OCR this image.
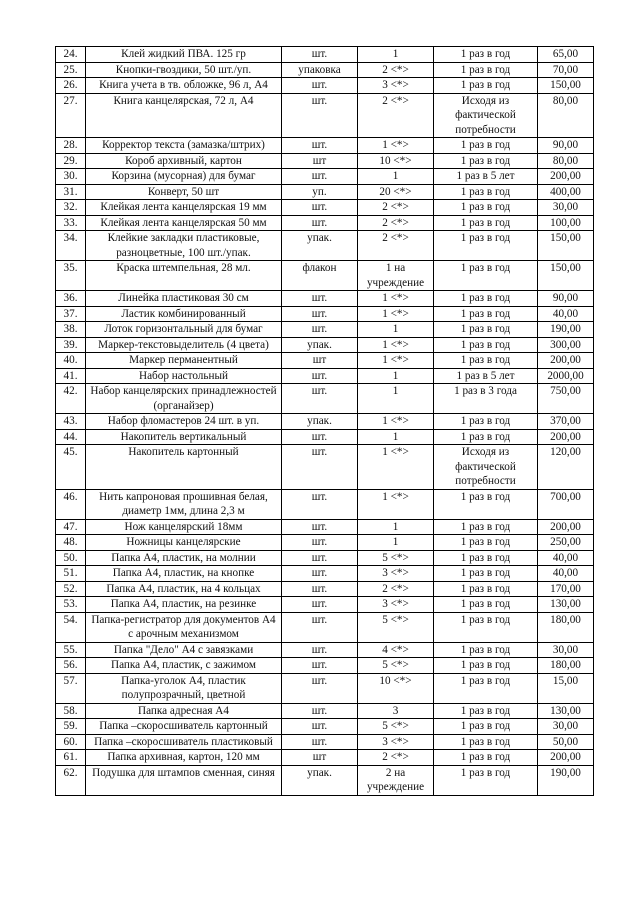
24.	Клей жидкий ПВА. 125 гр	шт.	1	1 раз в год	65,00
25.	Кнопки-гвоздики, 50 шт./уп.	упаковка	2 <*>	1 раз в год	70,00
26.	Книга учета в тв. обложке, 96 л, А4	шт.	3 <*>	1 раз в год	150,00
27.	Книга канцелярская, 72 л, А4	шт.	2 <*>	Исходя из фактической потребности	80,00
28.	Корректор текста (замазка/штрих)	шт.	1 <*>	1 раз в год	90,00
29.	Короб архивный, картон	шт	10 <*>	1 раз в год	80,00
30.	Корзина (мусорная) для бумаг	шт.	1	1 раз в 5 лет	200,00
31.	Конверт, 50 шт	уп.	20 <*>	1 раз в год	400,00
32.	Клейкая лента канцелярская 19 мм	шт.	2 <*>	1 раз в год	30,00
33.	Клейкая лента канцелярская 50 мм	шт.	2 <*>	1 раз в год	100,00
34.	Клейкие закладки пластиковые, разноцветные, 100 шт./упак.	упак.	2 <*>	1 раз в год	150,00
35.	Краска штемпельная, 28 мл.	флакон	1 на учреждение	1 раз в год	150,00
36.	Линейка пластиковая 30 см	шт.	1 <*>	1 раз в год	90,00
37.	Ластик комбинированный	шт.	1 <*>	1 раз в год	40,00
38.	Лоток горизонтальный для бумаг	шт.	1	1 раз в год	190,00
39.	Маркер-текстовыделитель (4 цвета)	упак.	1 <*>	1 раз в год	300,00
40.	Маркер перманентный	шт	1 <*>	1 раз в год	200,00
41.	Набор настольный	шт.	1	1 раз в 5 лет	2000,00
42.	Набор канцелярских принадлежностей (органайзер)	шт.	1	1 раз в 3 года	750,00
43.	Набор фломастеров 24 шт. в уп.	упак.	1 <*>	1 раз в год	370,00
44.	Накопитель вертикальный	шт.	1	1 раз в год	200,00
45.	Накопитель картонный	шт.	1 <*>	Исходя из фактической потребности	120,00
46.	Нить капроновая прошивная белая, диаметр 1мм, длина 2,3 м	шт.	1 <*>	1 раз в год	700,00
47.	Нож канцелярский 18мм	шт.	1	1 раз в год	200,00
48.	Ножницы канцелярские	шт.	1	1 раз в год	250,00
50.	Папка А4, пластик, на молнии	шт.	5 <*>	1 раз в год	40,00
51.	Папка А4, пластик, на кнопке	шт.	3 <*>	1 раз в год	40,00
52.	Папка А4, пластик, на 4 кольцах	шт.	2 <*>	1 раз в год	170,00
53.	Папка А4, пластик, на резинке	шт.	3 <*>	1 раз в год	130,00
54.	Папка-регистратор для документов А4 с арочным механизмом	шт.	5 <*>	1 раз в год	180,00
55.	Папка "Дело" А4 с завязками	шт.	4 <*>	1 раз в год	30,00
56.	Папка А4, пластик, с зажимом	шт.	5 <*>	1 раз в год	180,00
57.	Папка-уголок А4, пластик полупрозрачный, цветной	шт.	10 <*>	1 раз в год	15,00
58.	Папка адресная А4	шт.	3	1 раз в год	130,00
59.	Папка –скоросшиватель картонный	шт.	5 <*>	1 раз в год	30,00
60.	Папка –скоросшиватель пластиковый	шт.	3 <*>	1 раз в год	50,00
61.	Папка архивная, картон, 120 мм	шт	2 <*>	1 раз в год	200,00
62.	Подушка для штампов сменная, синяя	упак.	2 на учреждение	1 раз в год	190,00
